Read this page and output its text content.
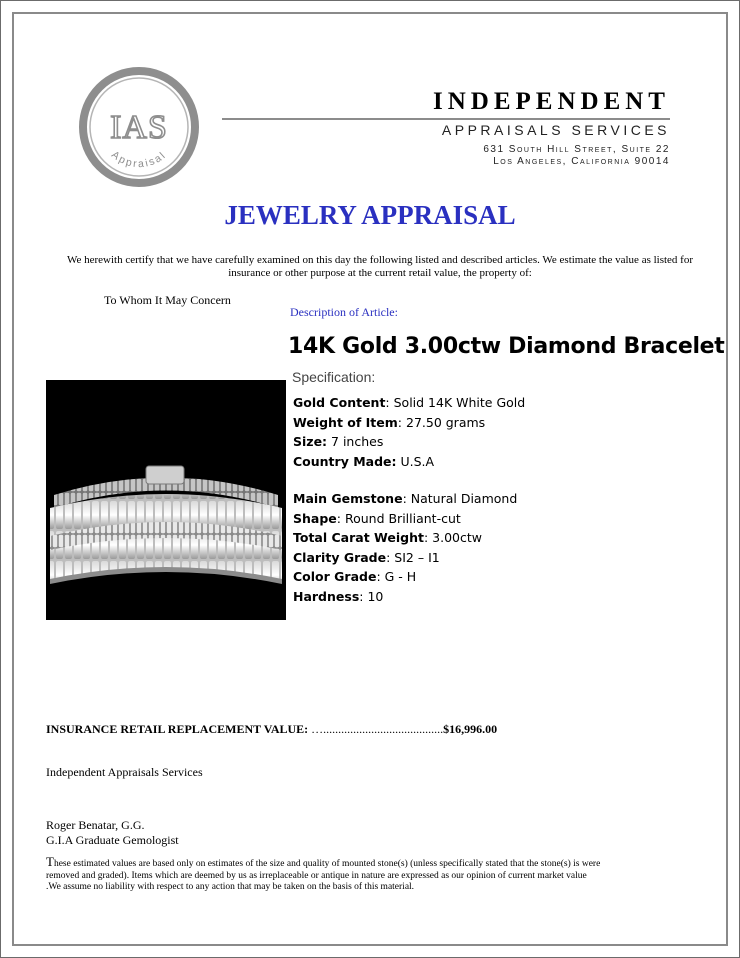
IAS
Appraisal
INDEPENDENT
APPRAISALS SERVICES
631 South Hill Street, Suite 22
Los Angeles, California 90014
JEWELRY APPRAISAL
We herewith certify that we have carefully examined on this day the following listed and described articles. We estimate the value as listed for insurance or other purpose at the current retail value, the property of:
To Whom It May Concern
Description of Article:
14K Gold 3.00ctw Diamond Bracelet
Specification:
Gold Content: Solid 14K White Gold
Weight of Item: 27.50 grams
Size: 7 inches
Country Made: U.S.A
Main Gemstone: Natural Diamond
Shape: Round Brilliant-cut
Total Carat Weight: 3.00ctw
Clarity Grade: SI2 – I1
Color Grade: G - H
Hardness: 10
INSURANCE RETAIL REPLACEMENT VALUE: …........................................$16,996.00
Independent Appraisals Services
Roger Benatar, G.G.
G.I.A Graduate Gemologist
These estimated values are based only on estimates of the size and quality of mounted stone(s) (unless specifically stated that the stone(s) is were removed and graded). Items which are deemed by us as irreplaceable or antique in nature are expressed as our opinion of current market value .We assume no liability with respect to any action that may be taken on the basis of this material.
